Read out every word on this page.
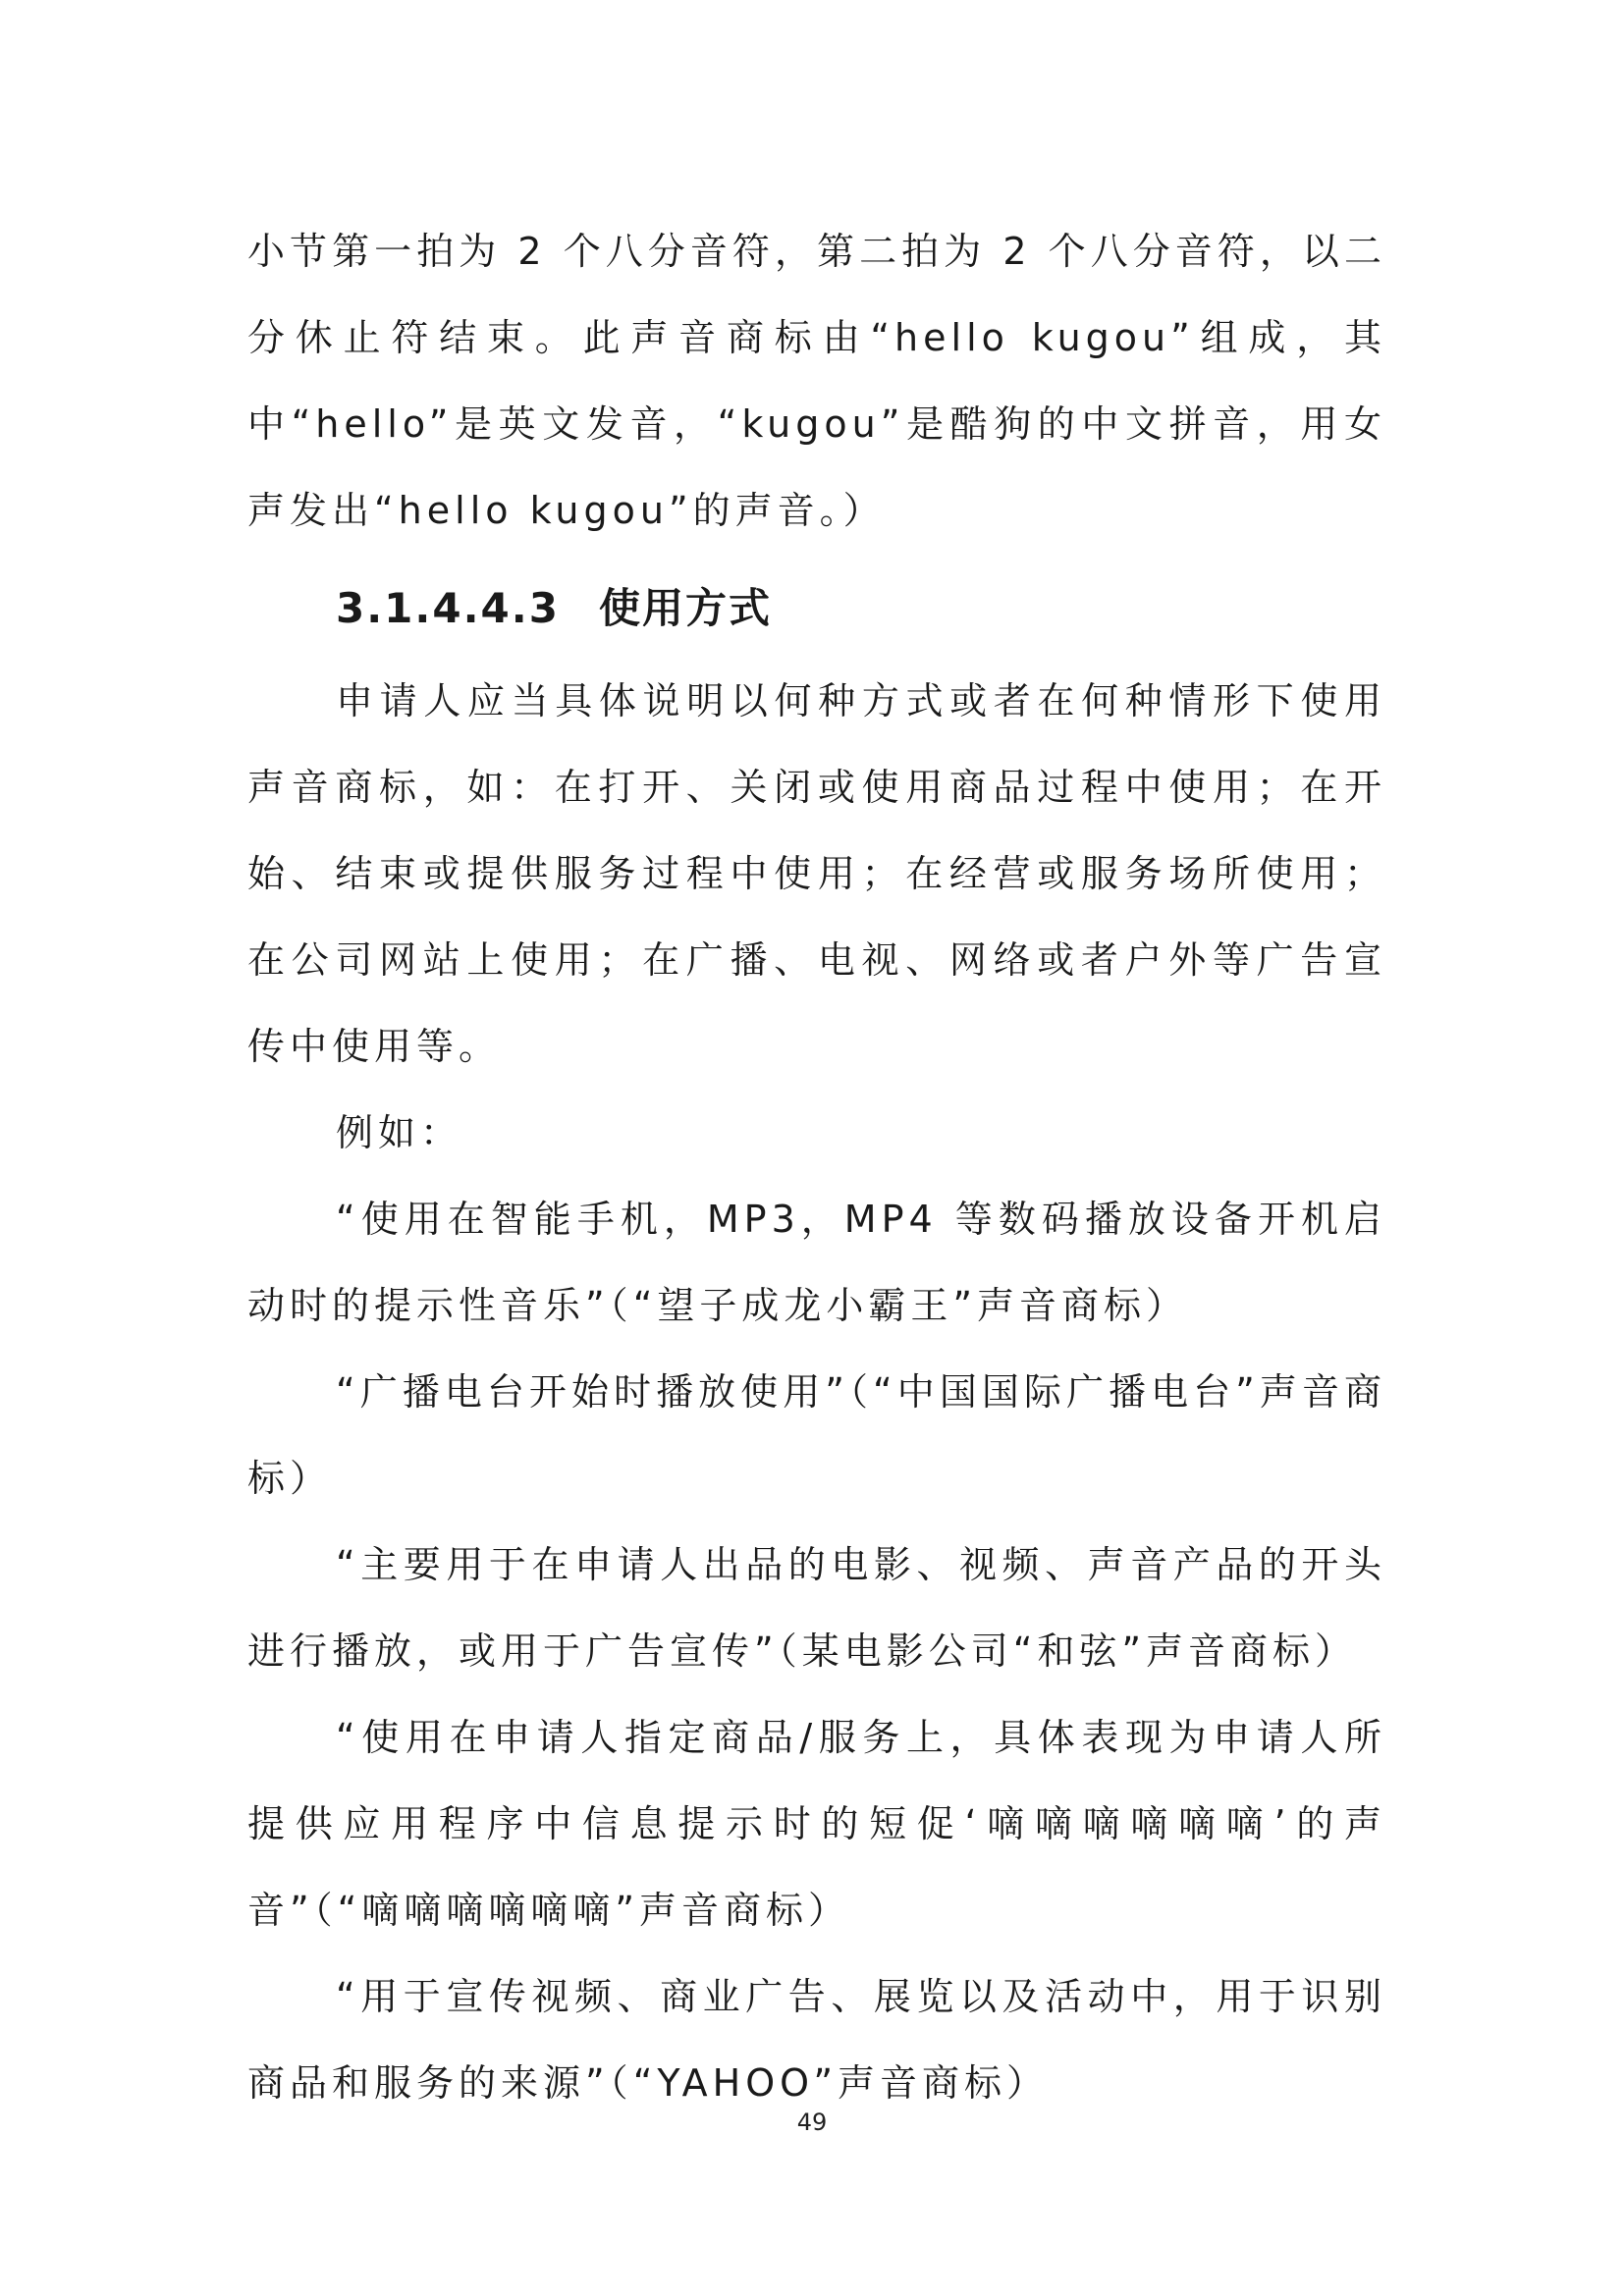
小节第一拍为 2 个八分音符，第二拍为 2 个八分音符，以二分休止符结束。此声音商标由“hello kugou”组成，其中“hello”是英文发音，“kugou”是酷狗的中文拼音，用女声发出“hello kugou”的声音。）

3.1.4.4.3 使用方式

申请人应当具体说明以何种方式或者在何种情形下使用声音商标，如：在打开、关闭或使用商品过程中使用；在开始、结束或提供服务过程中使用；在经营或服务场所使用；在公司网站上使用；在广播、电视、网络或者户外等广告宣传中使用等。

例如：

“使用在智能手机，MP3，MP4 等数码播放设备开机启动时的提示性音乐”（“望子成龙小霸王”声音商标）

“广播电台开始时播放使用”（“中国国际广播电台”声音商标）

“主要用于在申请人出品的电影、视频、声音产品的开头进行播放，或用于广告宣传”（某电影公司“和弦”声音商标）

“使用在申请人指定商品/服务上，具体表现为申请人所提供应用程序中信息提示时的短促‘嘀嘀嘀嘀嘀嘀’的声音”（“嘀嘀嘀嘀嘀嘀”声音商标）

“用于宣传视频、商业广告、展览以及活动中，用于识别商品和服务的来源”（“YAHOO”声音商标）

49
